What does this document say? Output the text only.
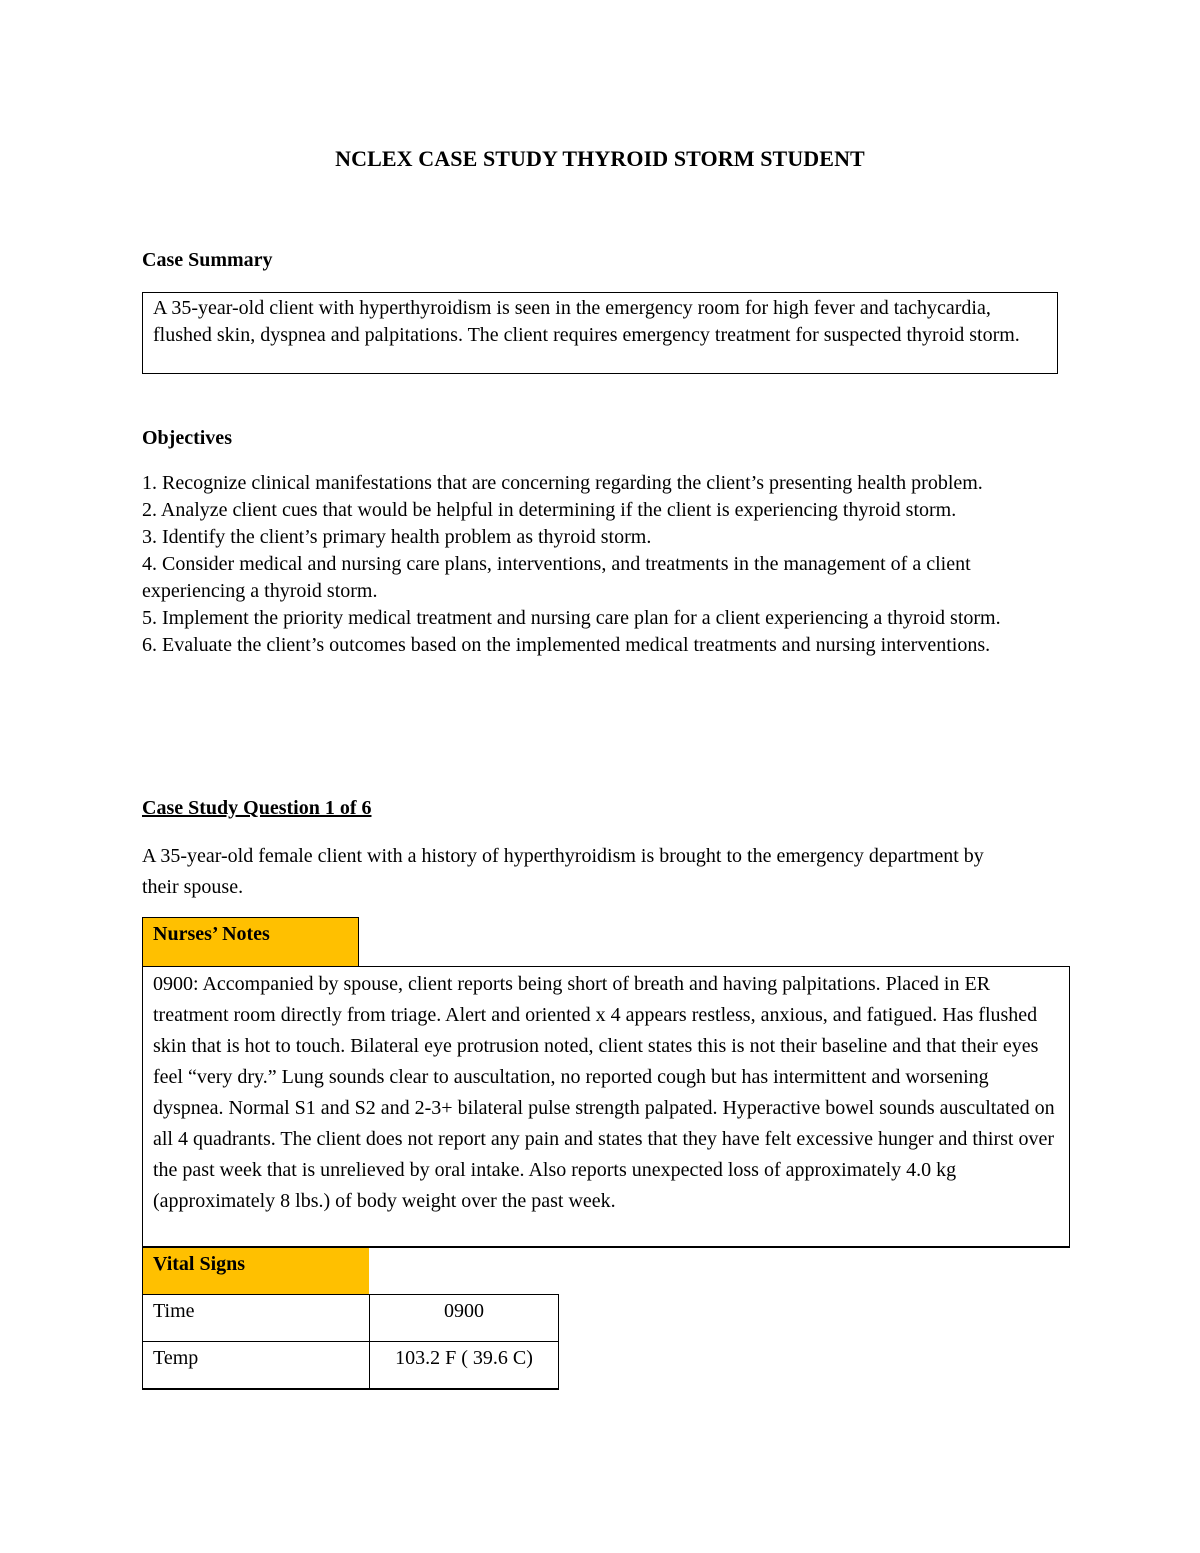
NCLEX CASE STUDY THYROID STORM STUDENT
Case Summary
A 35-year-old client with hyperthyroidism is seen in the emergency room for high fever and tachycardia, flushed skin, dyspnea and palpitations. The client requires emergency treatment for suspected thyroid storm.
Objectives
1. Recognize clinical manifestations that are concerning regarding the client’s presenting health problem.
2. Analyze client cues that would be helpful in determining if the client is experiencing thyroid storm.
3. Identify the client’s primary health problem as thyroid storm.
4. Consider medical and nursing care plans, interventions, and treatments in the management of a client experiencing a thyroid storm.
5. Implement the priority medical treatment and nursing care plan for a client experiencing a thyroid storm.
6. Evaluate the client’s outcomes based on the implemented medical treatments and nursing interventions.
Case Study Question 1 of 6
A 35-year-old female client with a history of hyperthyroidism is brought to the emergency department by their spouse.
Nurses’ Notes
0900: Accompanied by spouse, client reports being short of breath and having palpitations. Placed in ER treatment room directly from triage. Alert and oriented x 4 appears restless, anxious, and fatigued. Has flushed skin that is hot to touch. Bilateral eye protrusion noted, client states this is not their baseline and that their eyes feel “very dry.” Lung sounds clear to auscultation, no reported cough but has intermittent and worsening dyspnea. Normal S1 and S2 and 2-3+ bilateral pulse strength palpated. Hyperactive bowel sounds auscultated on all 4 quadrants. The client does not report any pain and states that they have felt excessive hunger and thirst over the past week that is unrelieved by oral intake. Also reports unexpected loss of approximately 4.0 kg (approximately 8 lbs.) of body weight over the past week.
Vital Signs
Time	0900
Temp	103.2 F ( 39.6 C)
